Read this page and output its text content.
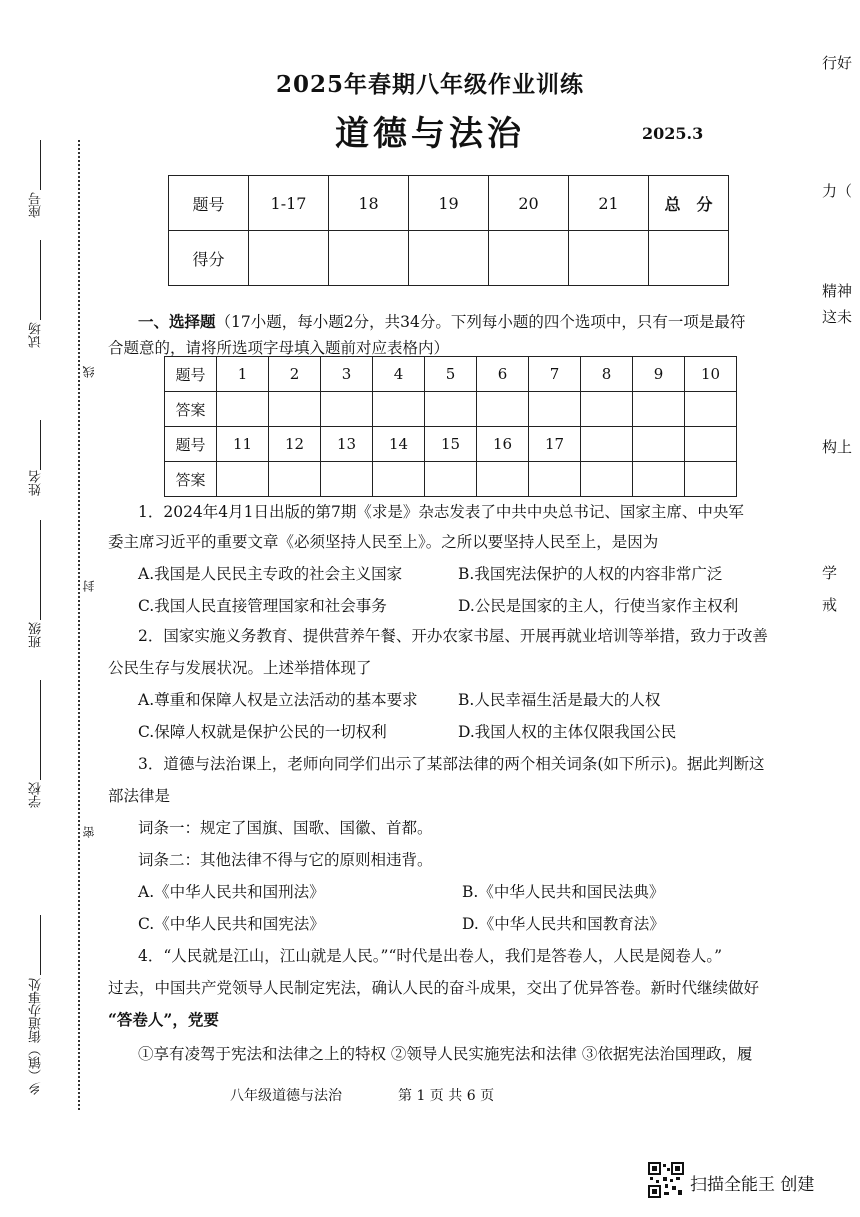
座号
试场
姓名
班级
学校
乡（镇）街道办事处
线
封
密
2025年春期八年级作业训练
道德与法治	2025.3
题号	1-17	18	19	20	21	总　分
得分						
一、选择题（17小题，每小题2分，共34分。下列每小题的四个选项中，只有一项是最符
合题意的，请将所选项字母填入题前对应表格内）
题号	1	2	3	4	5	6	7	8	9	10
答案										
题号	11	12	13	14	15	16	17			
答案										
1．2024年4月1日出版的第7期《求是》杂志发表了中共中央总书记、国家主席、中央军
委主席习近平的重要文章《必须坚持人民至上》。之所以要坚持人民至上，是因为
A.我国是人民民主专政的社会主义国家	B.我国宪法保护的人权的内容非常广泛
C.我国人民直接管理国家和社会事务	D.公民是国家的主人，行使当家作主权利
2．国家实施义务教育、提供营养午餐、开办农家书屋、开展再就业培训等举措，致力于改善
公民生存与发展状况。上述举措体现了
A.尊重和保障人权是立法活动的基本要求	B.人民幸福生活是最大的人权
C.保障人权就是保护公民的一切权利	D.我国人权的主体仅限我国公民
3．道德与法治课上，老师向同学们出示了某部法律的两个相关词条(如下所示)。据此判断这
部法律是
词条一：规定了国旗、国歌、国徽、首都。
词条二：其他法律不得与它的原则相违背。
A.《中华人民共和国刑法》	B.《中华人民共和国民法典》
C.《中华人民共和国宪法》	D.《中华人民共和国教育法》
4．“人民就是江山，江山就是人民。”“时代是出卷人，我们是答卷人，人民是阅卷人。”
过去，中国共产党领导人民制定宪法，确认人民的奋斗成果，交出了优异答卷。新时代继续做好
“答卷人”，党要
①享有凌驾于宪法和法律之上的特权 ②领导人民实施宪法和法律 ③依据宪法治国理政，履
八年级道德与法治	第 1 页 共 6 页
行好
力（
精神
这未
构上
学
戒
扫描全能王 创建
